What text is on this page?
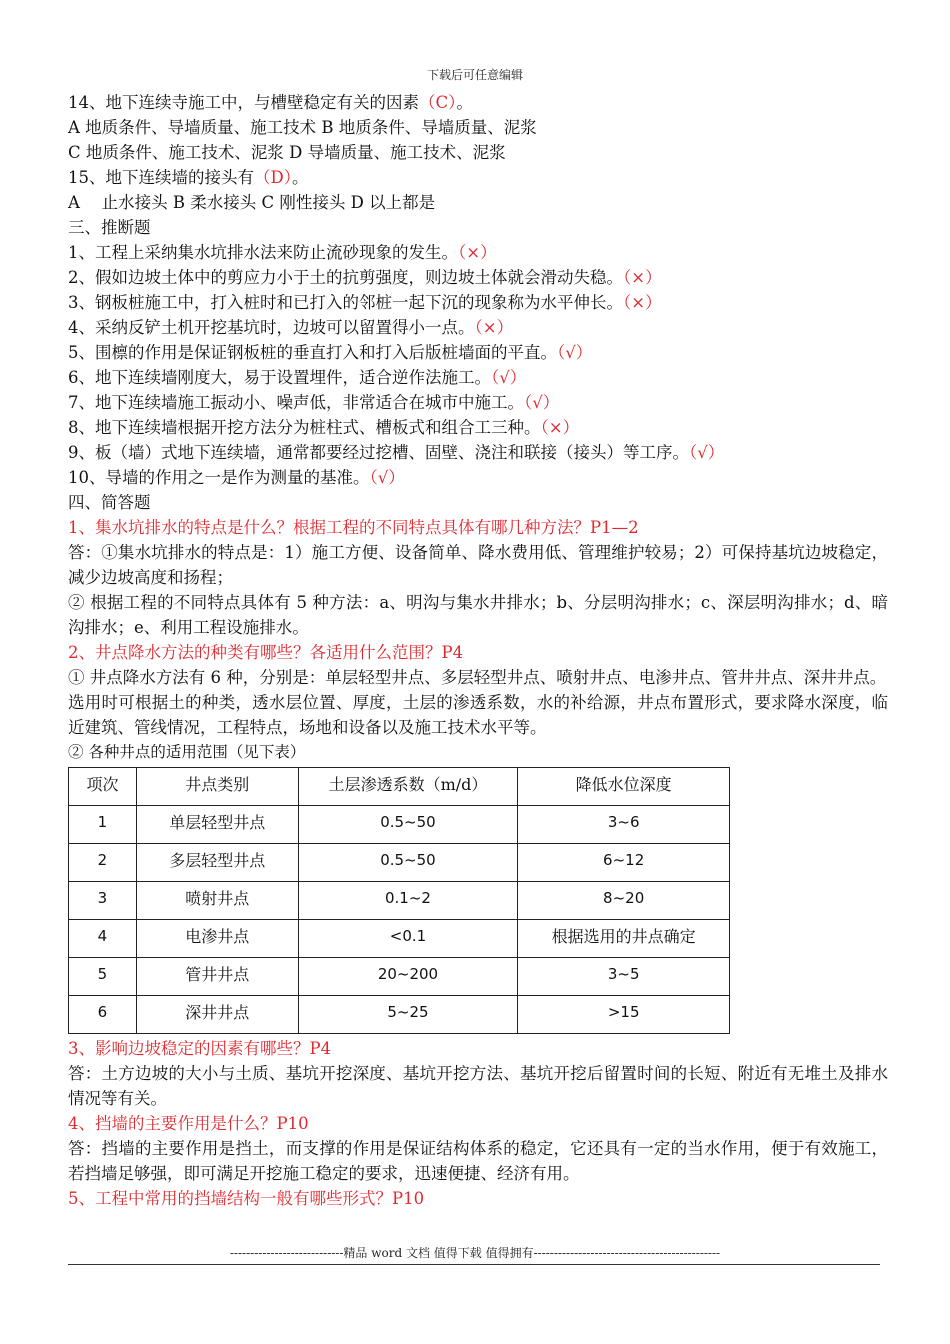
下载后可任意编辑
14、地下连续寺施工中，与槽壁稳定有关的因素（C）。
A 地质条件、导墙质量、施工技术 B 地质条件、导墙质量、泥浆
C 地质条件、施工技术、泥浆 D 导墙质量、施工技术、泥浆
15、地下连续墙的接头有（D）。
A　 止水接头 B 柔水接头 C 刚性接头 D 以上都是
三、推断题
1、工程上采纳集水坑排水法来防止流砂现象的发生。（×）
2、假如边坡土体中的剪应力小于土的抗剪强度，则边坡土体就会滑动失稳。（×）
3、钢板桩施工中，打入桩时和已打入的邻桩一起下沉的现象称为水平伸长。（×）
4、采纳反铲土机开挖基坑时，边坡可以留置得小一点。（×）
5、围檩的作用是保证钢板桩的垂直打入和打入后版桩墙面的平直。（√）
6、地下连续墙刚度大，易于设置埋件，适合逆作法施工。（√）
7、地下连续墙施工振动小、噪声低，非常适合在城市中施工。（√）
8、地下连续墙根据开挖方法分为桩柱式、槽板式和组合工三种。（×）
9、板（墙）式地下连续墙，通常都要经过挖槽、固壁、浇注和联接（接头）等工序。（√）
10、导墙的作用之一是作为测量的基准。（√）
四、简答题
1、集水坑排水的特点是什么？根据工程的不同特点具体有哪几种方法？P1—2
答：①集水坑排水的特点是：1）施工方便、设备简单、降水费用低、管理维护较易；2）可保持基坑边坡稳定，减少边坡高度和扬程；
② 根据工程的不同特点具体有 5 种方法：a、明沟与集水井排水；b、分层明沟排水；c、深层明沟排水；d、暗沟排水；e、利用工程设施排水。
2、井点降水方法的种类有哪些？各适用什么范围？P4
① 井点降水方法有 6 种，分别是：单层轻型井点、多层轻型井点、喷射井点、电渗井点、管井井点、深井井点。
选用时可根据土的种类，透水层位置、厚度，土层的渗透系数，水的补给源，井点布置形式，要求降水深度，临近建筑、管线情况，工程特点，场地和设备以及施工技术水平等。
② 各种井点的适用范围（见下表）
项次	井点类别	土层渗透系数（m/d）	降低水位深度
1	单层轻型井点	0.5~50	3~6
2	多层轻型井点	0.5~50	6~12
3	喷射井点	0.1~2	8~20
4	电渗井点	<0.1	根据选用的井点确定
5	管井井点	20~200	3~5
6	深井井点	5~25	>15
3、影响边坡稳定的因素有哪些？P4
答：土方边坡的大小与土质、基坑开挖深度、基坑开挖方法、基坑开挖后留置时间的长短、附近有无堆土及排水情况等有关。
4、挡墙的主要作用是什么？P10
答：挡墙的主要作用是挡土，而支撑的作用是保证结构体系的稳定，它还具有一定的当水作用，便于有效施工，若挡墙足够强，即可满足开挖施工稳定的要求，迅速便捷、经济有用。
5、工程中常用的挡墙结构一般有哪些形式？P10
----------------------------精品 word 文档 值得下载 值得拥有----------------------------------------------
